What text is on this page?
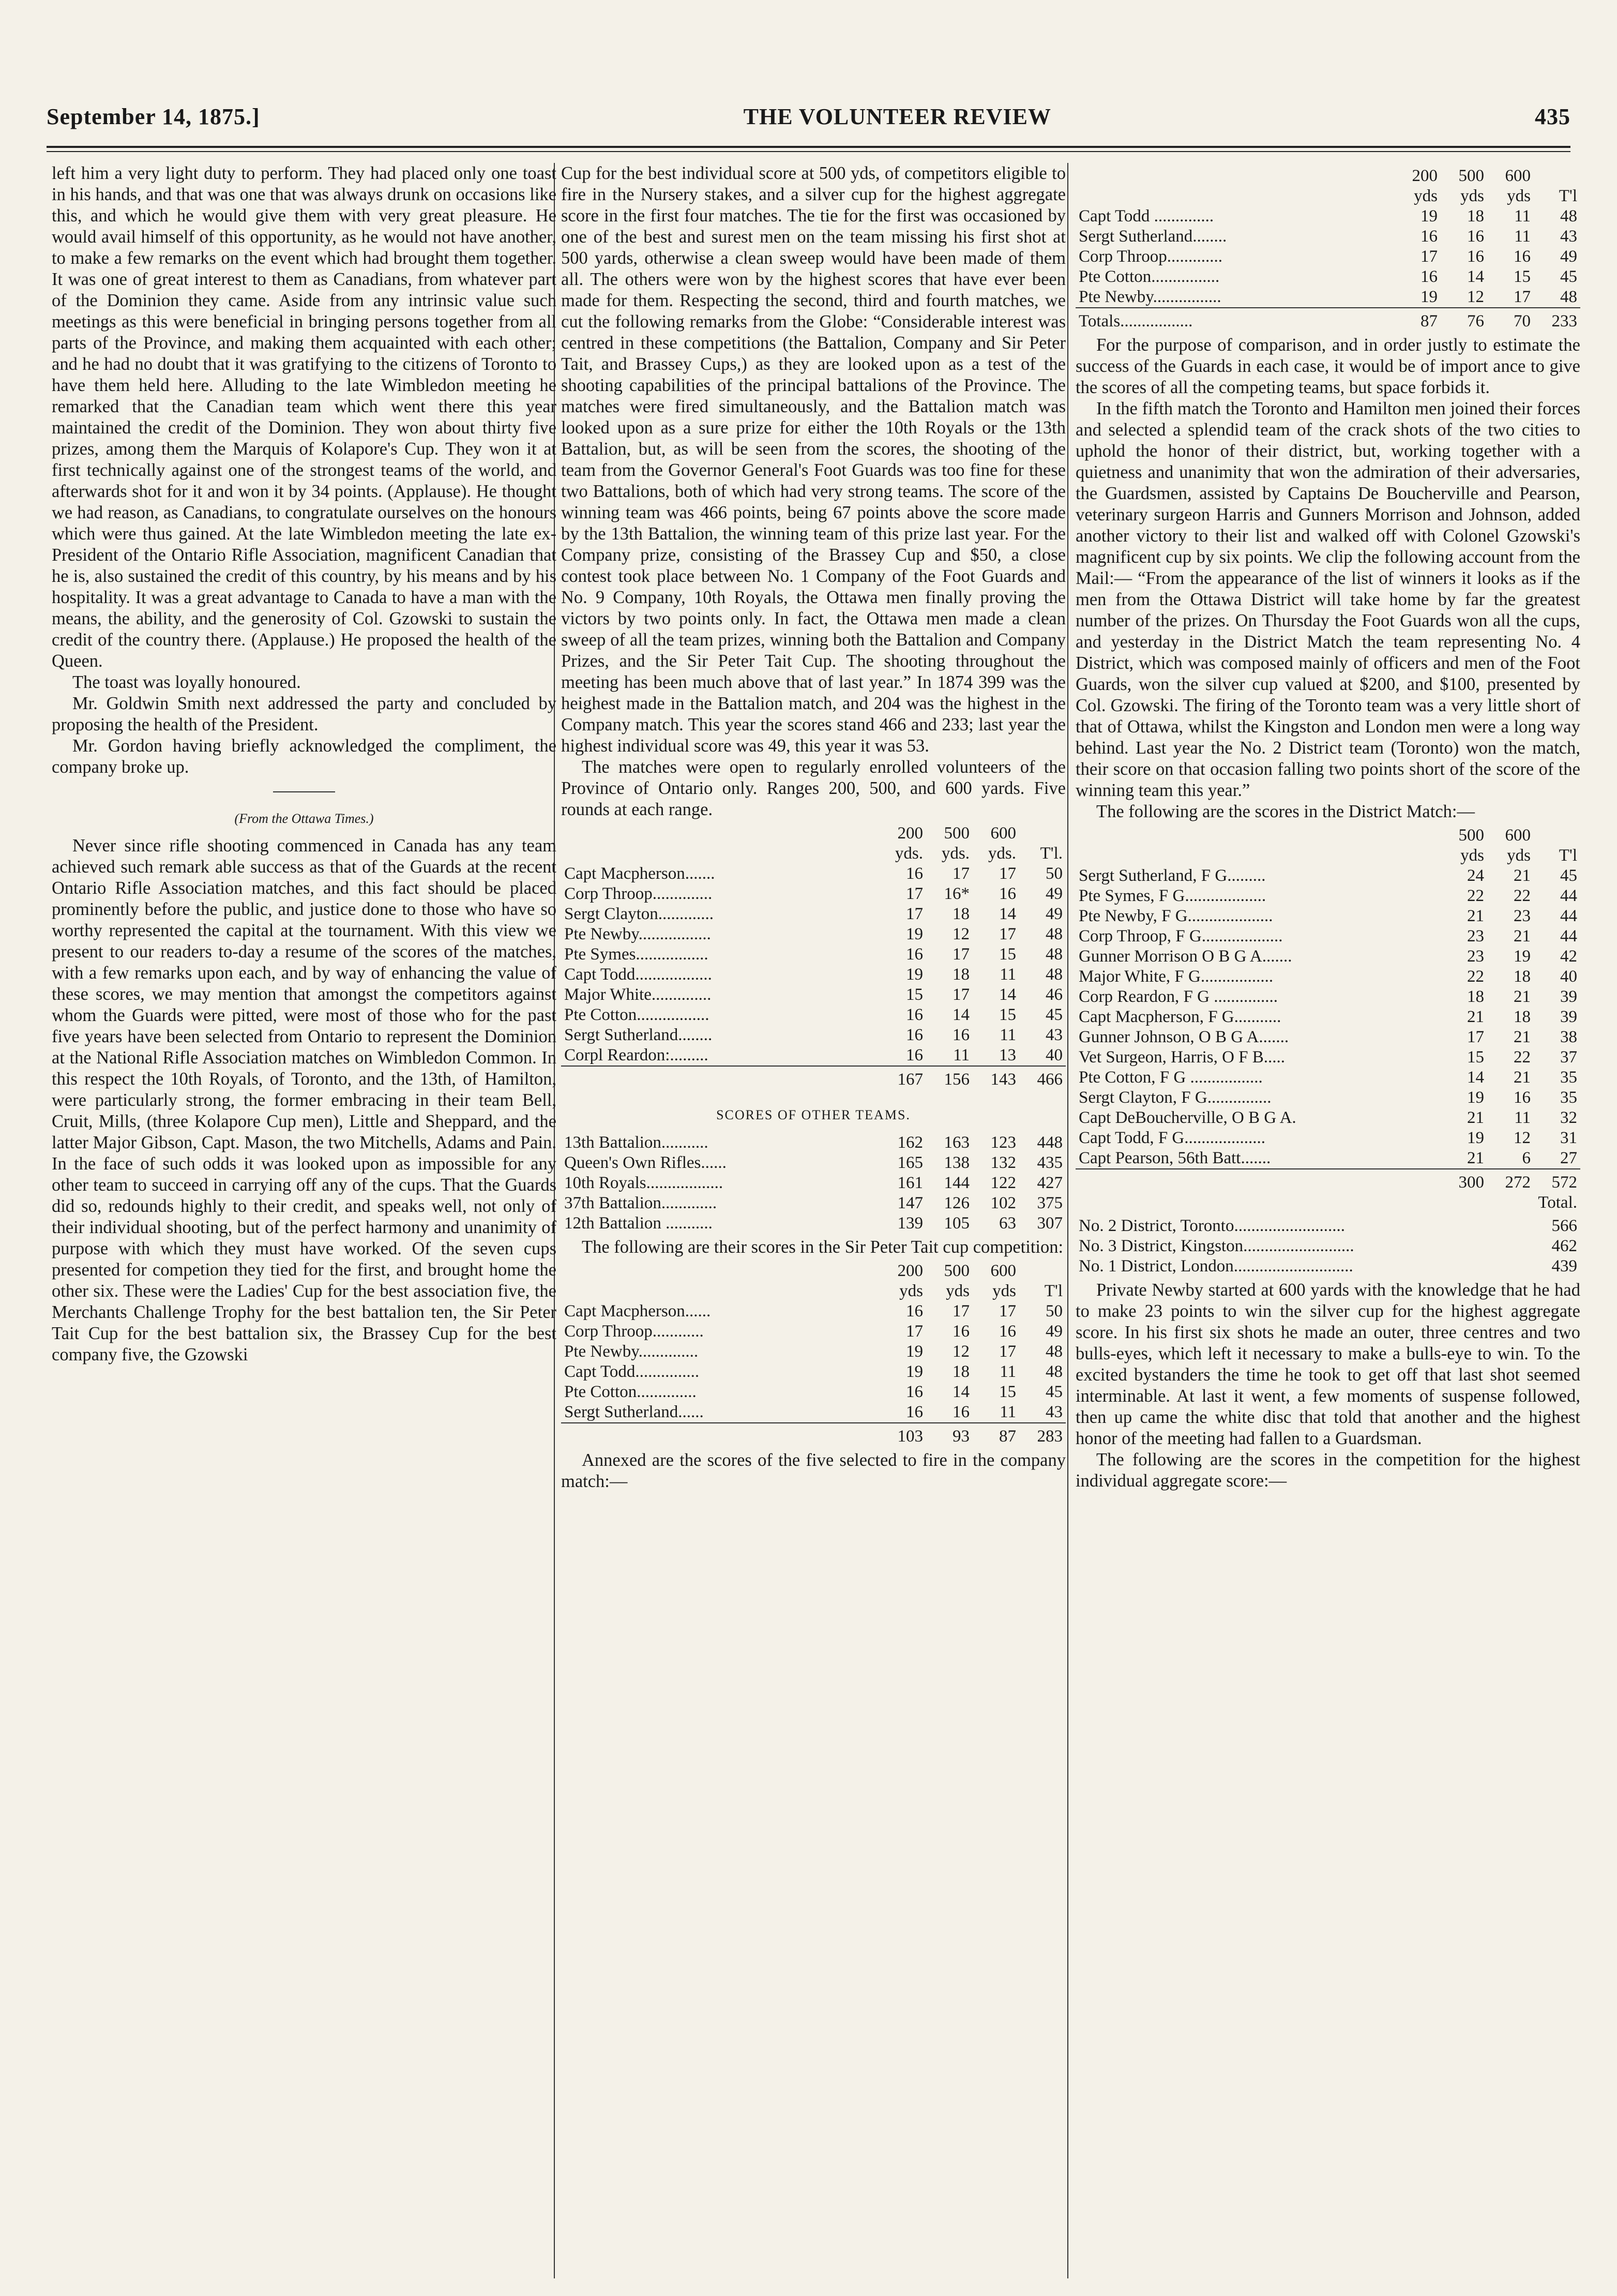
September 14, 1875.]	THE VOLUNTEER REVIEW	435

left him a very light duty to perform. They had placed only one toast in his hands, and that was one that was always drunk on occasions like this, and which he would give them with very great pleasure. He would avail himself of this opportunity, as he would not have another, to make a few remarks on the event which had brought them together. It was one of great interest to them as Canadians, from whatever part of the Dominion they came. Aside from any intrinsic value such meetings as this were beneficial in bringing persons together from all parts of the Province, and making them acquainted with each other; and he had no doubt that it was gratifying to the citizens of Toronto to have them held here. Alluding to the late Wimbledon meeting he remarked that the Canadian team which went there this year maintained the credit of the Dominion. They won about thirty five prizes, among them the Marquis of Kolapore's Cup. They won it at first technically against one of the strongest teams of the world, and afterwards shot for it and won it by 34 points. (Applause). He thought we had reason, as Canadians, to congratulate ourselves on the honours which were thus gained. At the late Wimbledon meeting the late ex-President of the Ontario Rifle Association, magnificent Canadian that he is, also sustained the credit of this country, by his means and by his hospitality. It was a great advantage to Canada to have a man with the means, the ability, and the generosity of Col. Gzowski to sustain the credit of the country there. (Applause.) He proposed the health of the Queen.

The toast was loyally honoured.

Mr. Goldwin Smith next addressed the party and concluded by proposing the health of the President.

Mr. Gordon having briefly acknowledged the compliment, the company broke up.

(From the Ottawa Times.)

Never since rifle shooting commenced in Canada has any team achieved such remark able success as that of the Guards at the recent Ontario Rifle Association matches, and this fact should be placed prominently before the public, and justice done to those who have so worthy represented the capital at the tournament. With this view we present to our readers to-day a resume of the scores of the matches, with a few remarks upon each, and by way of enhancing the value of these scores, we may mention that amongst the competitors against whom the Guards were pitted, were most of those who for the past five years have been selected from Ontario to represent the Dominion at the National Rifle Association matches on Wimbledon Common. In this respect the 10th Royals, of Toronto, and the 13th, of Hamilton, were particularly strong, the former embracing in their team Bell, Cruit, Mills, (three Kolapore Cup men), Little and Sheppard, and the latter Major Gibson, Capt. Mason, the two Mitchells, Adams and Pain. In the face of such odds it was looked upon as impossible for any other team to succeed in carrying off any of the cups. That the Guards did so, redounds highly to their credit, and speaks well, not only of their individual shooting, but of the perfect harmony and unanimity of purpose with which they must have worked. Of the seven cups presented for competion they tied for the first, and brought home the other six. These were the Ladies' Cup for the best association five, the Merchants Challenge Trophy for the best battalion ten, the Sir Peter Tait Cup for the best battalion six, the Brassey Cup for the best company five, the Gzowski

Cup for the best individual score at 500 yds, of competitors eligible to fire in the Nursery stakes, and a silver cup for the highest aggregate score in the first four matches. The tie for the first was occasioned by one of the best and surest men on the team missing his first shot at 500 yards, otherwise a clean sweep would have been made of them all. The others were won by the highest scores that have ever been made for them. Respecting the second, third and fourth matches, we cut the following remarks from the Globe: “Considerable interest was centred in these competitions (the Battalion, Company and Sir Peter Tait, and Brassey Cups,) as they are looked upon as a test of the shooting capabilities of the principal battalions of the Province. The matches were fired simultaneously, and the Battalion match was looked upon as a sure prize for either the 10th Royals or the 13th Battalion, but, as will be seen from the scores, the shooting of the team from the Governor General's Foot Guards was too fine for these two Battalions, both of which had very strong teams. The score of the winning team was 466 points, being 67 points above the score made by the 13th Battalion, the winning team of this prize last year. For the Company prize, consisting of the Brassey Cup and $50, a close contest took place between No. 1 Company of the Foot Guards and No. 9 Company, 10th Royals, the Ottawa men finally proving the victors by two points only. In fact, the Ottawa men made a clean sweep of all the team prizes, winning both the Battalion and Company Prizes, and the Sir Peter Tait Cup. The shooting throughout the meeting has been much above that of last year.” In 1874 399 was the heighest made in the Battalion match, and 204 was the highest in the Company match. This year the scores stand 466 and 233; last year the highest individual score was 49, this year it was 53.

The matches were open to regularly enrolled volunteers of the Province of Ontario only. Ranges 200, 500, and 600 yards. Five rounds at each range.

	200	500	600	
	yds.	yds.	yds.	T'l.
Capt Macpherson.......	16	17	17	50
Corp Throop..............	17	16*	16	49
Sergt Clayton.............	17	18	14	49
Pte Newby.................	19	12	17	48
Pte Symes.................	16	17	15	48
Capt Todd..................	19	18	11	48
Major White..............	15	17	14	46
Pte Cotton.................	16	14	15	45
Sergt Sutherland........	16	16	11	43
Corpl Reardon:.........	16	11	13	40
	167	156	143	466

SCORES OF OTHER TEAMS.

13th Battalion...........	162	163	123	448
Queen's Own Rifles......	165	138	132	435
10th Royals..................	161	144	122	427
37th Battalion.............	147	126	102	375
12th Battalion ...........	139	105	63	307

The following are their scores in the Sir Peter Tait cup competition:

	200	500	600	
	yds	yds	yds	T'l
Capt Macpherson......	16	17	17	50
Corp Throop............	17	16	16	49
Pte Newby..............	19	12	17	48
Capt Todd...............	19	18	11	48
Pte Cotton..............	16	14	15	45
Sergt Sutherland......	16	16	11	43
	103	93	87	283

Annexed are the scores of the five selected to fire in the company match:—

	200	500	600	
	yds	yds	yds	T'l
Capt Todd ..............	19	18	11	48
Sergt Sutherland........	16	16	11	43
Corp Throop.............	17	16	16	49
Pte Cotton................	16	14	15	45
Pte Newby................	19	12	17	48
Totals.................	87	76	70	233

For the purpose of comparison, and in order justly to estimate the success of the Guards in each case, it would be of import ance to give the scores of all the competing teams, but space forbids it.

In the fifth match the Toronto and Hamilton men joined their forces and selected a splendid team of the crack shots of the two cities to uphold the honor of their district, but, working together with a quietness and unanimity that won the admiration of their adversaries, the Guardsmen, assisted by Captains De Boucherville and Pearson, veterinary surgeon Harris and Gunners Morrison and Johnson, added another victory to their list and walked off with Colonel Gzowski's magnificent cup by six points. We clip the following account from the Mail:— “From the appearance of the list of winners it looks as if the men from the Ottawa District will take home by far the greatest number of the prizes. On Thursday the Foot Guards won all the cups, and yesterday in the District Match the team representing No. 4 District, which was composed mainly of officers and men of the Foot Guards, won the silver cup valued at $200, and $100, presented by Col. Gzowski. The firing of the Toronto team was a very little short of that of Ottawa, whilst the Kingston and London men were a long way behind. Last year the No. 2 District team (Toronto) won the match, their score on that occasion falling two points short of the score of the winning team this year.”

The following are the scores in the District Match:—

	500	600	
	yds	yds	T'l
Sergt Sutherland, F G.........	24	21	45
Pte Symes, F G...................	22	22	44
Pte Newby, F G....................	21	23	44
Corp Throop, F G...................	23	21	44
Gunner Morrison O B G A.......	23	19	42
Major White, F G.................	22	18	40
Corp Reardon, F G ...............	18	21	39
Capt Macpherson, F G...........	21	18	39
Gunner Johnson, O B G A.......	17	21	38
Vet Surgeon, Harris, O F B.....	15	22	37
Pte Cotton, F G .................	14	21	35
Sergt Clayton, F G...............	19	16	35
Capt DeBoucherville, O B G A.	21	11	32
Capt Todd, F G...................	19	12	31
Capt Pearson, 56th Batt.......	21	6	27
	300	272	572
			Total.
No. 2 District, Toronto..........................	566
No. 3 District, Kingston..........................	462
No. 1 District, London............................	439

Private Newby started at 600 yards with the knowledge that he had to make 23 points to win the silver cup for the highest aggregate score. In his first six shots he made an outer, three centres and two bulls-eyes, which left it necessary to make a bulls-eye to win. To the excited bystanders the time he took to get off that last shot seemed interminable. At last it went, a few moments of suspense followed, then up came the white disc that told that another and the highest honor of the meeting had fallen to a Guardsman.

The following are the scores in the competition for the highest individual aggregate score:—
